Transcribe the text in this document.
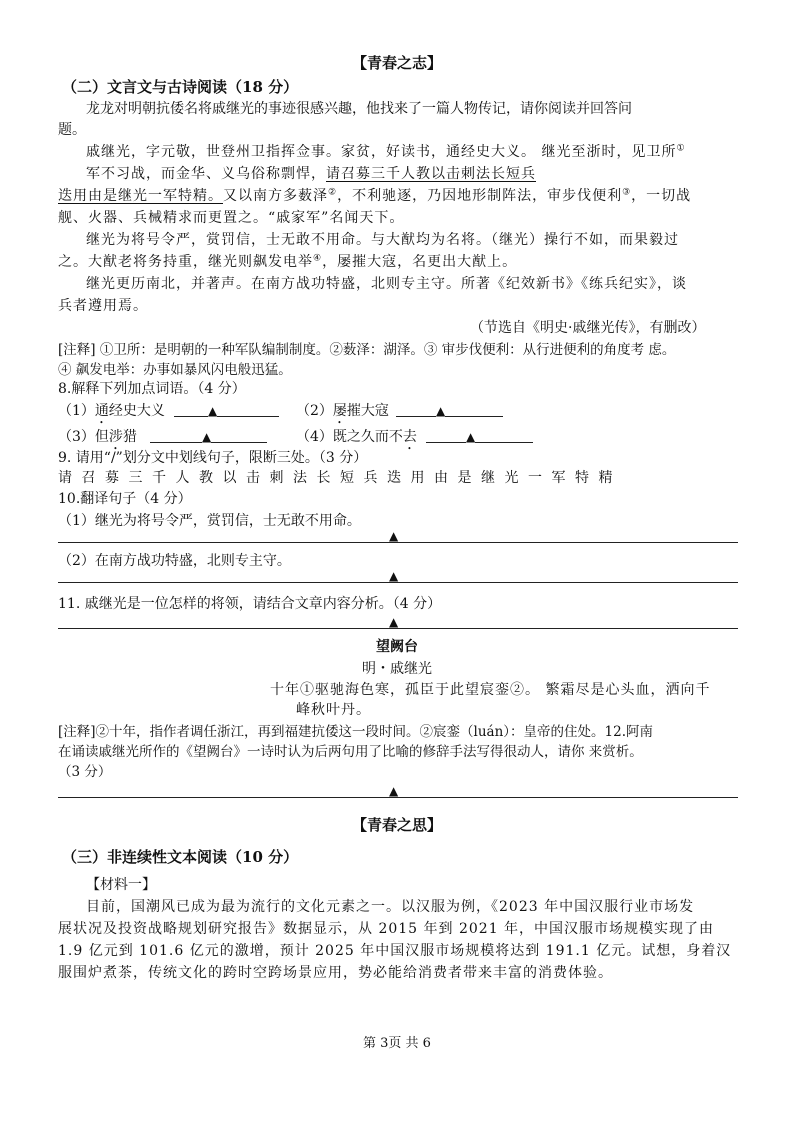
【青春之志】
（二）文言文与古诗阅读（18 分）
龙龙对明朝抗倭名将戚继光的事迹很感兴趣，他找来了一篇人物传记，请你阅读并回答问
题。
戚继光，字元敬，世登州卫指挥佥事。家贫，好读书，通经史大义。 继光至浙时，见卫所①
军不习战，而金华、义乌俗称剽悍，请召募三千人教以击刺法长短兵
迭用由是继光一军特精。又以南方多薮泽②，不利驰逐，乃因地形制阵法，审步伐便利③，一切战
舰、火器、兵械精求而更置之。“戚家军”名闻天下。
继光为将号令严，赏罚信，士无敢不用命。与大猷均为名将。（继光）操行不如，而果毅过
之。大猷老将务持重，继光则飙发电举④，屡摧大寇，名更出大猷上。
继光更历南北，并著声。在南方战功特盛，北则专主守。所著《纪效新书》《练兵纪实》，谈
兵者遵用焉。
（节选自《明史·戚继光传》，有删改）
[注释] ①卫所：是明朝的一种军队编制制度。②薮泽：湖泽。③ 审步伐便利：从行进便利的角度考 虑。
④ 飙发电举：办事如暴风闪电般迅猛。
8.解释下列加点词语。（4 分）
（1）通经史大义	▲	（2）屡摧大寇	▲
（3）但涉猎	▲	（4）既之久而不去	▲
9. 请用“/”划分文中划线句子，限断三处。（3 分）
请召募三千人教以击刺法长短兵迭用由是继光一军特精
10.翻译句子（4 分）
（1）继光为将号令严，赏罚信，士无敢不用命。
▲
（2）在南方战功特盛，北则专主守。
▲
11. 戚继光是一位怎样的将领，请结合文章内容分析。（4 分）
▲
望阙台
明・戚继光
十年①驱驰海色寒，孤臣于此望宸銮②。 繁霜尽是心头血，洒向千
峰秋叶丹。
[注释]②十年，指作者调任浙江，再到福建抗倭这一段时间。②宸銮（luán）：皇帝的住处。12.阿南
在诵读戚继光所作的《望阙台》一诗时认为后两句用了比喻的修辞手法写得很动人，请你 来赏析。
（3 分）
▲
【青春之思】
（三）非连续性文本阅读（10 分）
【材料一】
目前，国潮风已成为最为流行的文化元素之一。以汉服为例，《2023 年中国汉服行业市场发
展状况及投资战略规划研究报告》数据显示，从 2015 年到 2021 年，中国汉服市场规模实现了由
1.9 亿元到 101.6 亿元的激增，预计 2025 年中国汉服市场规模将达到 191.1 亿元。试想，身着汉
服围炉煮茶，传统文化的跨时空跨场景应用，势必能给消费者带来丰富的消费体验。
第 3页 共 6
